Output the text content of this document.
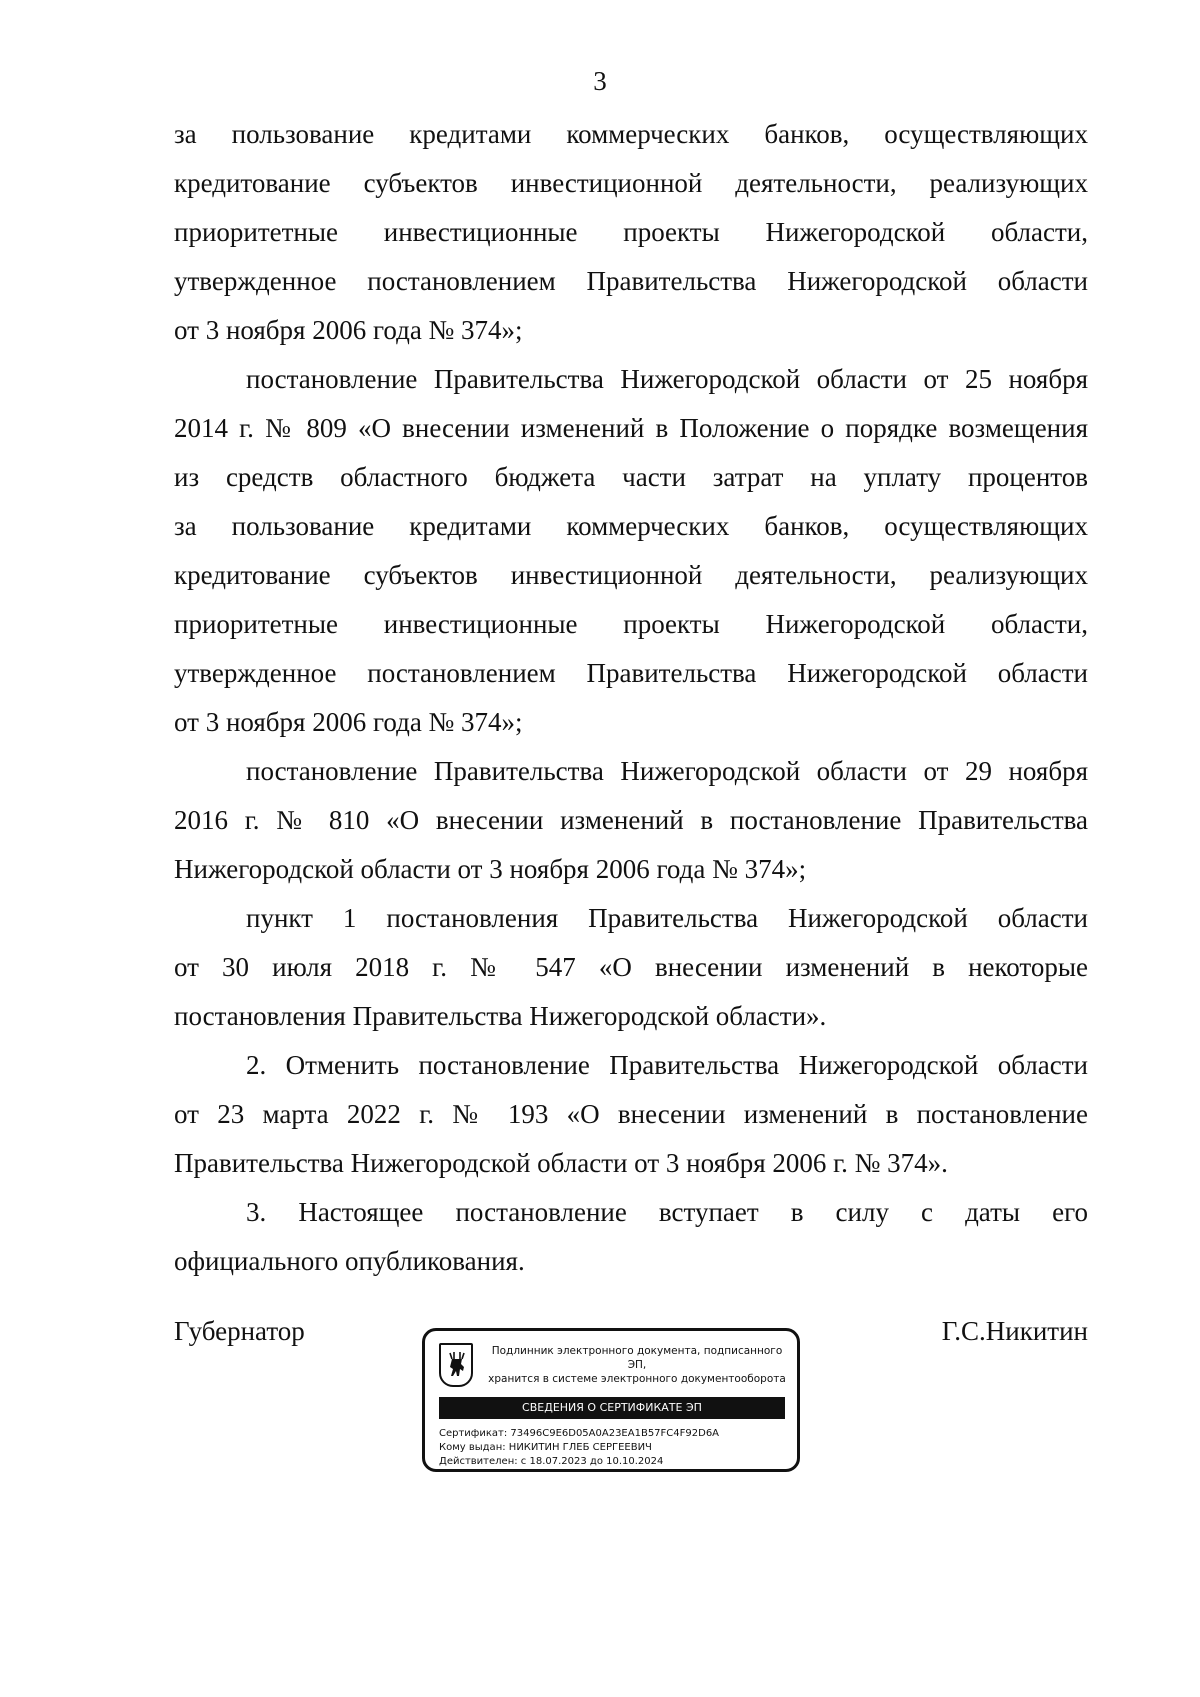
3
за пользование кредитами коммерческих банков, осуществляющих
кредитование субъектов инвестиционной деятельности, реализующих
приоритетные инвестиционные проекты Нижегородской области,
утвержденное постановлением Правительства Нижегородской области
от 3 ноября 2006 года № 374»;
постановление Правительства Нижегородской области от 25 ноября
2014 г. № 809 «О внесении изменений в Положение о порядке возмещения
из средств областного бюджета части затрат на уплату процентов
за пользование кредитами коммерческих банков, осуществляющих
кредитование субъектов инвестиционной деятельности, реализующих
приоритетные инвестиционные проекты Нижегородской области,
утвержденное постановлением Правительства Нижегородской области
от 3 ноября 2006 года № 374»;
постановление Правительства Нижегородской области от 29 ноября
2016 г. № 810 «О внесении изменений в постановление Правительства
Нижегородской области от 3 ноября 2006 года № 374»;
пункт 1 постановления Правительства Нижегородской области
от 30 июля 2018 г. № 547 «О внесении изменений в некоторые
постановления Правительства Нижегородской области».
2. Отменить постановление Правительства Нижегородской области
от 23 марта 2022 г. № 193 «О внесении изменений в постановление
Правительства Нижегородской области от 3 ноября 2006 г. № 374».
3. Настоящее постановление вступает в силу с даты его
официального опубликования.
Губернатор	Г.С.Никитин
Подлинник электронного документа, подписанного ЭП,
хранится в системе электронного документооборота
СВЕДЕНИЯ О СЕРТИФИКАТЕ ЭП
Сертификат: 73496C9E6D05A0A23EA1B57FC4F92D6A
Кому выдан: НИКИТИН ГЛЕБ СЕРГЕЕВИЧ
Действителен: с 18.07.2023 до 10.10.2024
